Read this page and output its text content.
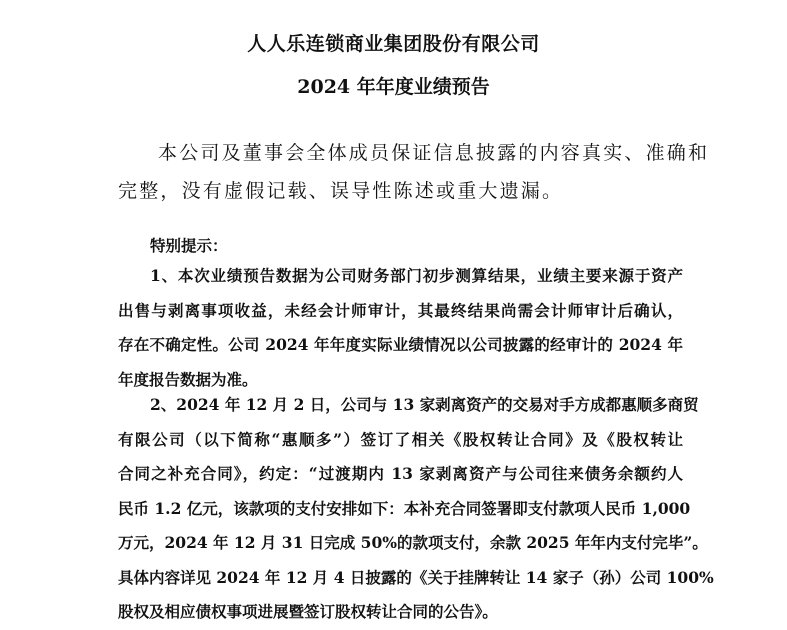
人人乐连锁商业集团股份有限公司
2024 年年度业绩预告

本公司及董事会全体成员保证信息披露的内容真实、准确和
完整，没有虚假记载、误导性陈述或重大遗漏。

特别提示：

1、本次业绩预告数据为公司财务部门初步测算结果，业绩主要来源于资产
出售与剥离事项收益，未经会计师审计，其最终结果尚需会计师审计后确认，
存在不确定性。公司 2024 年年度实际业绩情况以公司披露的经审计的 2024 年
年度报告数据为准。

2、2024 年 12 月 2 日，公司与 13 家剥离资产的交易对手方成都惠顺多商贸
有限公司（以下简称“惠顺多”）签订了相关《股权转让合同》及《股权转让
合同之补充合同》，约定：“过渡期内 13 家剥离资产与公司往来债务余额约人
民币 1.2 亿元，该款项的支付安排如下：本补充合同签署即支付款项人民币 1,000
万元，2024 年 12 月 31 日完成 50%的款项支付，余款 2025 年年内支付完毕”。
具体内容详见 2024 年 12 月 4 日披露的《关于挂牌转让 14 家子（孙）公司 100%
股权及相应债权事项进展暨签订股权转让合同的公告》。
